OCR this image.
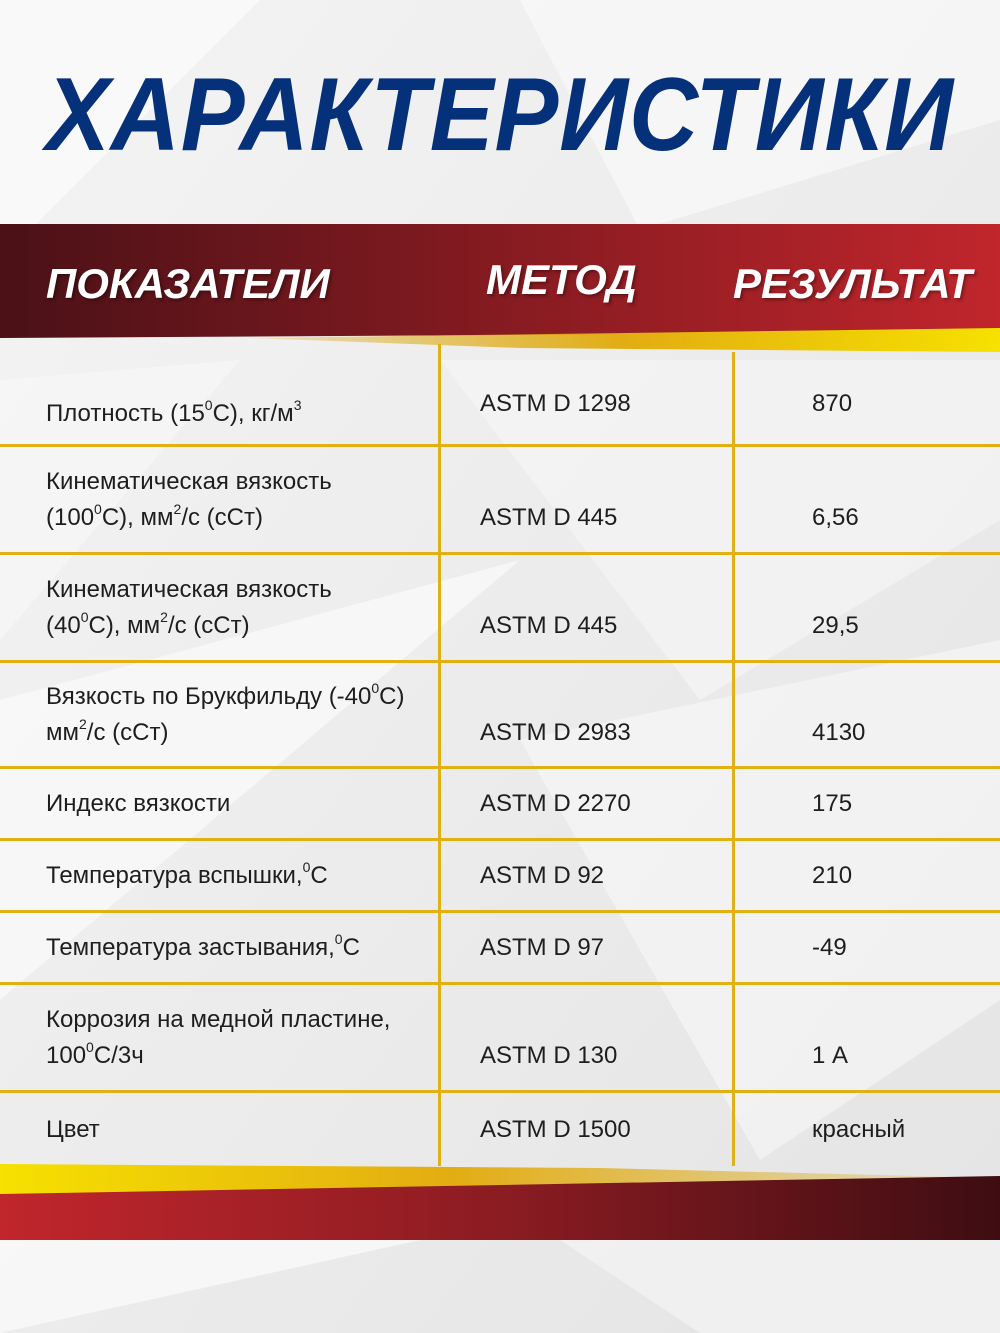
ХАРАКТЕРИСТИКИ
ПОКАЗАТЕЛИ	МЕТОД РЕЗУЛЬТАТ
Плотность $(15^0С)$, $кг/м^3$	ASTM D 1298	870
Кинематическая вязкость
$(100^0С)$, $мм^2/с$ (сСт)	ASTM D 445	6,56
Кинематическая вязкость
$(40^0С)$, $мм^2/с$ (сСт)	ASTM D 445	29,5
Вязкость по Брукфильду $(-40^0С)$
$мм^2/с$ (сСт)	ASTM D 2983	4130
Индекс вязкости	ASTM D 2270	175
Температура вспышки,$^0$С	ASTM D 92	210
Температура застывания,$^0$С	ASTM D 97	-49
Коррозия на медной пластине,
$100^0С/3ч$	ASTM D 130	1 А
Цвет	ASTM D 1500	красный
